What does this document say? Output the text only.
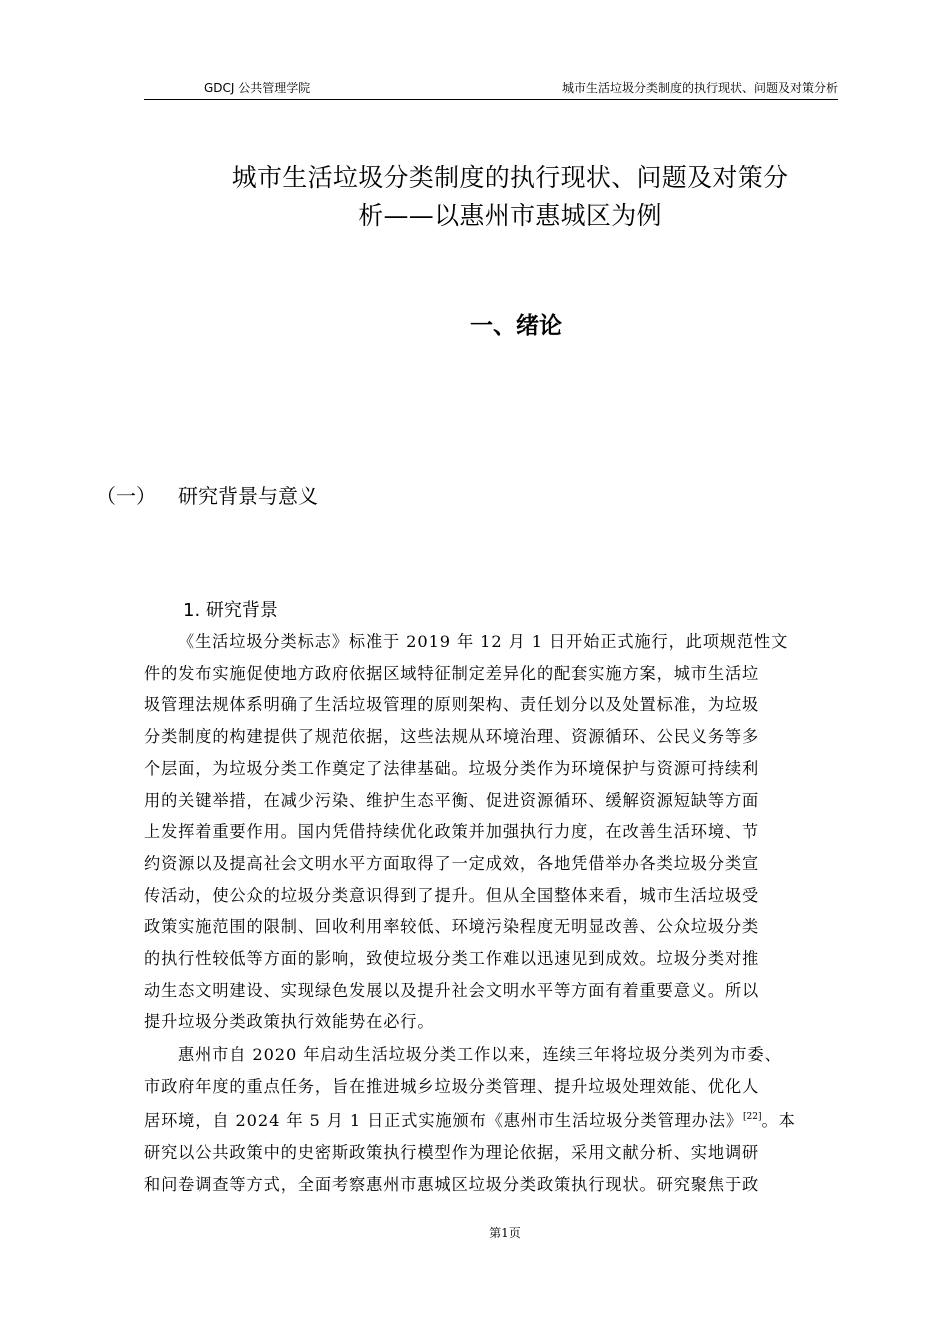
GDCJ 公共管理学院	城市生活垃圾分类制度的执行现状、问题及对策分析
城市生活垃圾分类制度的执行现状、问题及对策分
析——以惠州市惠城区为例
一、绪论
（一） 研究背景与意义
1. 研究背景
《生活垃圾分类标志》标准于 2019 年 12 月 1 日开始正式施行，此项规范性文
件的发布实施促使地方政府依据区域特征制定差异化的配套实施方案，城市生活垃
圾管理法规体系明确了生活垃圾管理的原则架构、责任划分以及处置标准，为垃圾
分类制度的构建提供了规范依据，这些法规从环境治理、资源循环、公民义务等多
个层面，为垃圾分类工作奠定了法律基础。垃圾分类作为环境保护与资源可持续利
用的关键举措，在减少污染、维护生态平衡、促进资源循环、缓解资源短缺等方面
上发挥着重要作用。国内凭借持续优化政策并加强执行力度，在改善生活环境、节
约资源以及提高社会文明水平方面取得了一定成效，各地凭借举办各类垃圾分类宣
传活动，使公众的垃圾分类意识得到了提升。但从全国整体来看，城市生活垃圾受
政策实施范围的限制、回收利用率较低、环境污染程度无明显改善、公众垃圾分类
的执行性较低等方面的影响，致使垃圾分类工作难以迅速见到成效。垃圾分类对推
动生态文明建设、实现绿色发展以及提升社会文明水平等方面有着重要意义。所以
提升垃圾分类政策执行效能势在必行。
惠州市自 2020 年启动生活垃圾分类工作以来，连续三年将垃圾分类列为市委、
市政府年度的重点任务，旨在推进城乡垃圾分类管理、提升垃圾处理效能、优化人
居环境，自 2024 年 5 月 1 日正式实施颁布《惠州市生活垃圾分类管理办法》[22]。本
研究以公共政策中的史密斯政策执行模型作为理论依据，采用文献分析、实地调研
和问卷调查等方式，全面考察惠州市惠城区垃圾分类政策执行现状。研究聚焦于政
第1页
